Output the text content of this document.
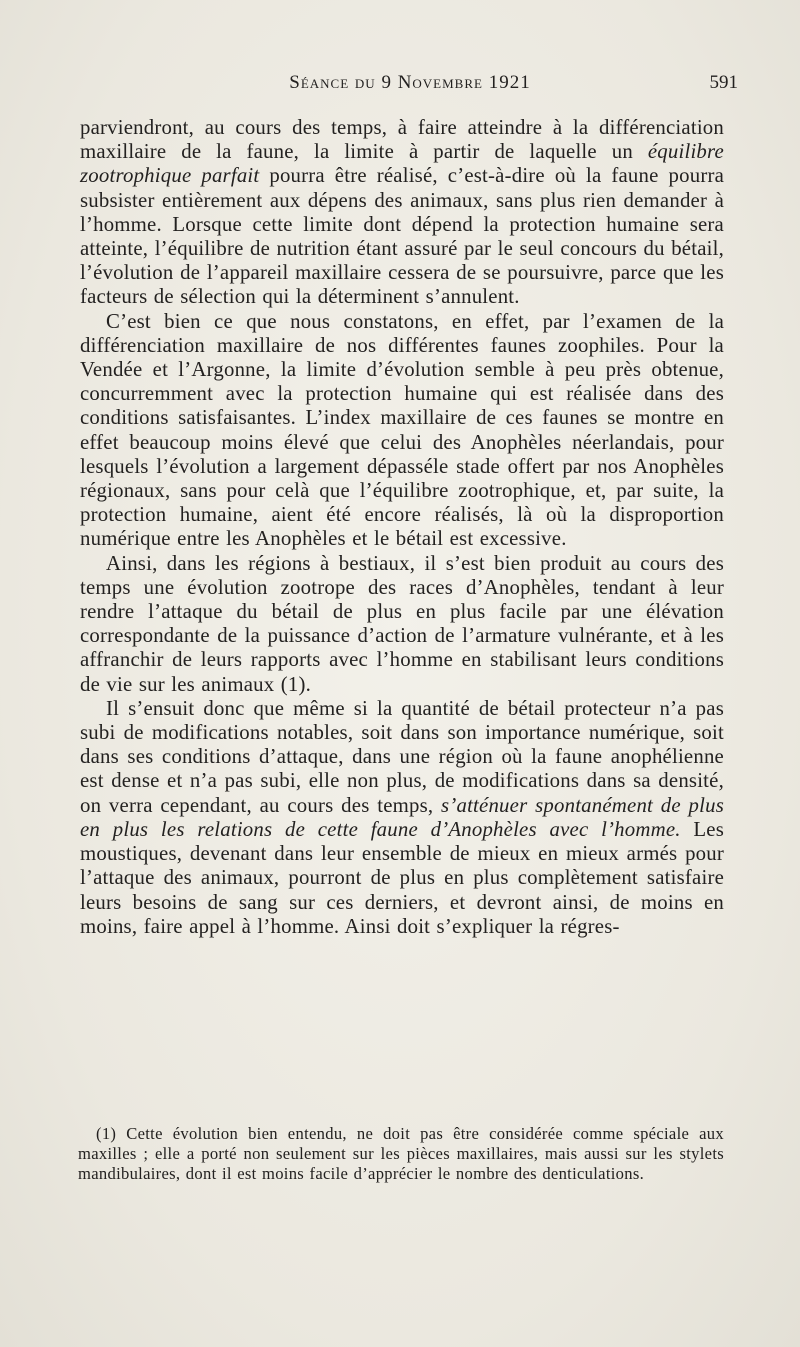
Séance du 9 Novembre 1921	591

parviendront, au cours des temps, à faire atteindre à la différenciation maxillaire de la faune, la limite à partir de laquelle un équilibre zootrophique parfait pourra être réalisé, c’est-à-dire où la faune pourra subsister entièrement aux dépens des animaux, sans plus rien demander à l’homme. Lorsque cette limite dont dépend la protection humaine sera atteinte, l’équilibre de nutrition étant assuré par le seul concours du bétail, l’évolution de l’appareil maxillaire cessera de se poursuivre, parce que les facteurs de sélection qui la déterminent s’annulent.

C’est bien ce que nous constatons, en effet, par l’examen de la différenciation maxillaire de nos différentes faunes zoophiles. Pour la Vendée et l’Argonne, la limite d’évolution semble à peu près obtenue, concurremment avec la protection humaine qui est réalisée dans des conditions satisfaisantes. L’index maxillaire de ces faunes se montre en effet beaucoup moins élevé que celui des Anophèles néerlandais, pour lesquels l’évolution a largement dépasséle stade offert par nos Anophèles régionaux, sans pour celà que l’équilibre zootrophique, et, par suite, la protection humaine, aient été encore réalisés, là où la disproportion numérique entre les Anophèles et le bétail est excessive.

Ainsi, dans les régions à bestiaux, il s’est bien produit au cours des temps une évolution zootrope des races d’Anophèles, tendant à leur rendre l’attaque du bétail de plus en plus facile par une élévation correspondante de la puissance d’action de l’armature vulnérante, et à les affranchir de leurs rapports avec l’homme en stabilisant leurs conditions de vie sur les animaux (1).

Il s’ensuit donc que même si la quantité de bétail protecteur n’a pas subi de modifications notables, soit dans son importance numérique, soit dans ses conditions d’attaque, dans une région où la faune anophélienne est dense et n’a pas subi, elle non plus, de modifications dans sa densité, on verra cependant, au cours des temps, s’atténuer spontanément de plus en plus les relations de cette faune d’Anophèles avec l’homme. Les moustiques, devenant dans leur ensemble de mieux en mieux armés pour l’attaque des animaux, pourront de plus en plus complètement satisfaire leurs besoins de sang sur ces derniers, et devront ainsi, de moins en moins, faire appel à l’homme. Ainsi doit s’expliquer la régres-

(1) Cette évolution bien entendu, ne doit pas être considérée comme spéciale aux maxilles ; elle a porté non seulement sur les pièces maxillaires, mais aussi sur les stylets mandibulaires, dont il est moins facile d’apprécier le nombre des denticulations.
